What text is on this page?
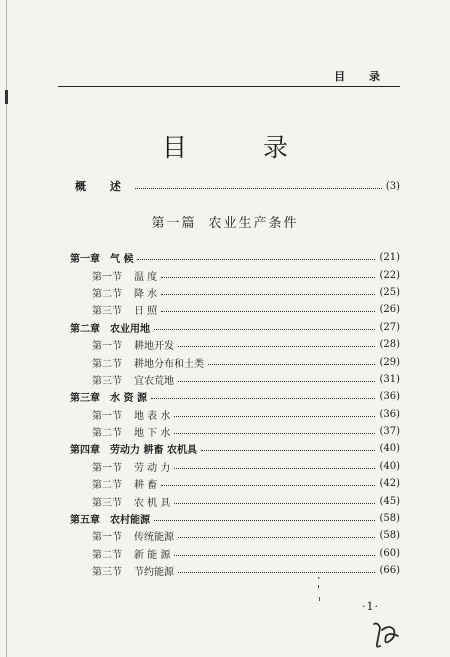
目 录
目 录
概 述	(3)
第一篇 农业生产条件
第一章 气 候	(21)
第一节	温 度	(22)
第二节	降 水	(25)
第三节	日 照	(26)
第二章 农业用地	(27)
第一节	耕地开发	(28)
第二节	耕地分布和土类	(29)
第三节	宜农荒地	(31)
第三章 水 资 源	(36)
第一节	地 表 水	(36)
第二节	地 下 水	(37)
第四章 劳动力 耕畜 农机具	(40)
第一节	劳 动 力	(40)
第二节	耕 畜	(42)
第三节	农 机 具	(45)
第五章 农村能源	(58)
第一节	传统能源	(58)
第二节	新 能 源	(60)
第三节	节约能源	(66)
·1·
